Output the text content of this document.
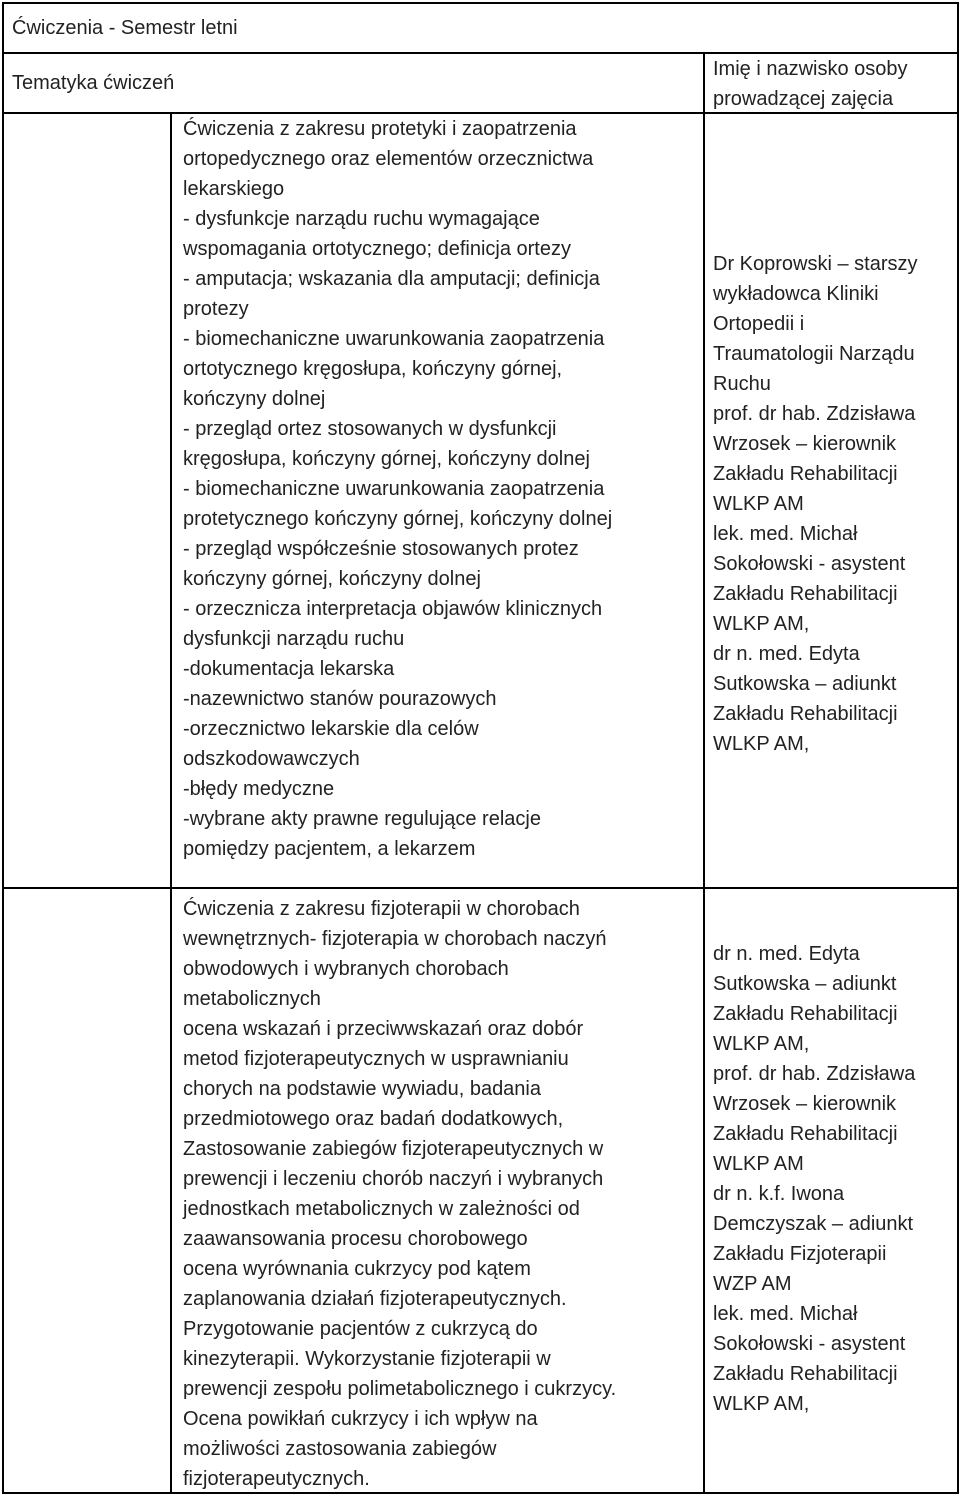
Ćwiczenia - Semestr letni
Tematyka ćwiczeń
Imię i nazwisko osoby
prowadzącej zajęcia
Ćwiczenia z zakresu protetyki i zaopatrzenia
ortopedycznego oraz elementów orzecznictwa
lekarskiego
- dysfunkcje narządu ruchu wymagające
wspomagania ortotycznego; definicja ortezy
- amputacja; wskazania dla amputacji; definicja
protezy
- biomechaniczne uwarunkowania zaopatrzenia
ortotycznego kręgosłupa, kończyny górnej,
kończyny dolnej
- przegląd ortez stosowanych w dysfunkcji
kręgosłupa, kończyny górnej, kończyny dolnej
- biomechaniczne uwarunkowania zaopatrzenia
protetycznego kończyny górnej, kończyny dolnej
- przegląd współcześnie stosowanych protez
kończyny górnej, kończyny dolnej
- orzecznicza interpretacja objawów klinicznych
dysfunkcji narządu ruchu
-dokumentacja lekarska
-nazewnictwo stanów pourazowych
-orzecznictwo lekarskie dla celów
odszkodowawczych
-błędy medyczne
-wybrane akty prawne regulujące relacje
pomiędzy pacjentem, a lekarzem
Dr Koprowski – starszy
wykładowca Kliniki
Ortopedii i
Traumatologii Narządu
Ruchu
prof. dr hab. Zdzisława
Wrzosek – kierownik
Zakładu Rehabilitacji
WLKP AM
lek. med. Michał
Sokołowski - asystent
Zakładu Rehabilitacji
WLKP AM,
dr n. med. Edyta
Sutkowska – adiunkt
Zakładu Rehabilitacji
WLKP AM,
Ćwiczenia z zakresu fizjoterapii w chorobach
wewnętrznych- fizjoterapia w chorobach naczyń
obwodowych i wybranych chorobach
metabolicznych
ocena wskazań i przeciwwskazań oraz dobór
metod fizjoterapeutycznych w usprawnianiu
chorych na podstawie wywiadu, badania
przedmiotowego oraz badań dodatkowych,
Zastosowanie zabiegów fizjoterapeutycznych w
prewencji i leczeniu chorób naczyń i wybranych
jednostkach metabolicznych w zależności od
zaawansowania procesu chorobowego
ocena wyrównania cukrzycy pod kątem
zaplanowania działań fizjoterapeutycznych.
Przygotowanie pacjentów z cukrzycą do
kinezyterapii. Wykorzystanie fizjoterapii w
prewencji zespołu polimetabolicznego i cukrzycy.
Ocena powikłań cukrzycy i ich wpływ na
możliwości zastosowania zabiegów
fizjoterapeutycznych.
dr n. med. Edyta
Sutkowska – adiunkt
Zakładu Rehabilitacji
WLKP AM,
prof. dr hab. Zdzisława
Wrzosek – kierownik
Zakładu Rehabilitacji
WLKP AM
dr n. k.f. Iwona
Demczyszak – adiunkt
Zakładu Fizjoterapii
WZP AM
lek. med. Michał
Sokołowski - asystent
Zakładu Rehabilitacji
WLKP AM,
